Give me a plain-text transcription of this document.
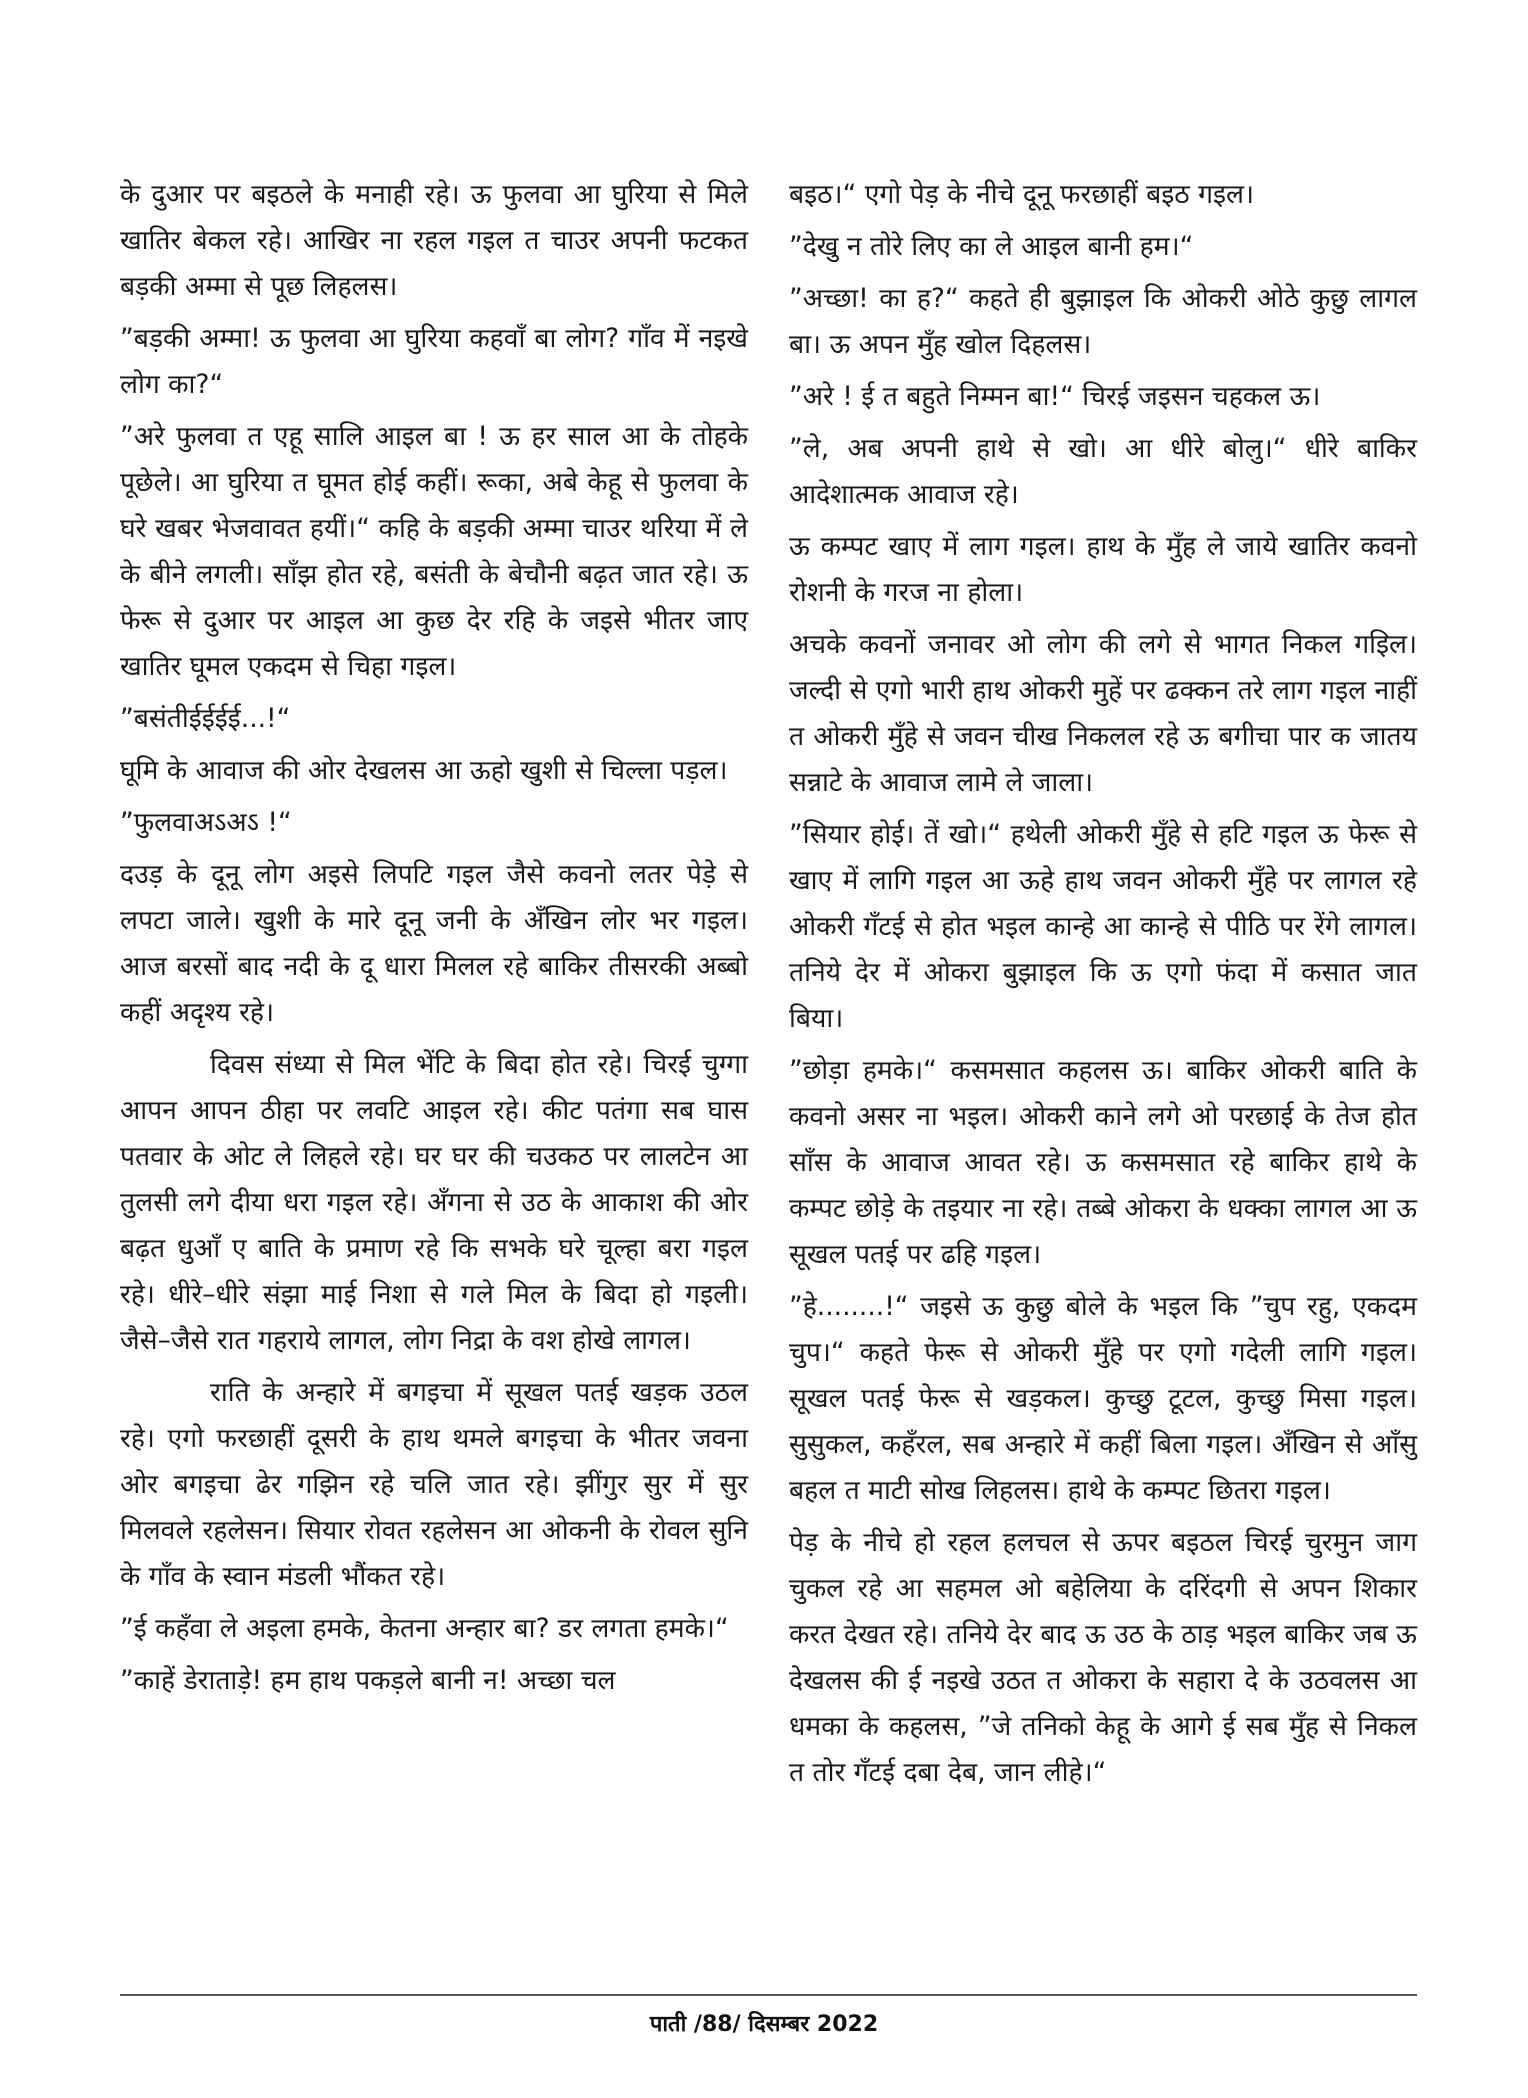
के दुआर पर बइठले के मनाही रहे। ऊ फुलवा आ घुरिया से मिले खातिर बेकल रहे। आखिर ना रहल गइल त चाउर अपनी फटकत बड़की अम्मा से पूछ लिहलस।

”बड़की अम्मा! ऊ फुलवा आ घुरिया कहवाँ बा लोग? गाँव में नइखे लोग का?“

”अरे फुलवा त एहू सालि आइल बा ! ऊ हर साल आ के तोहके पूछेले। आ घुरिया त घूमत होई कहीं। रूका, अबे केहू से फुलवा के घरे खबर भेजवावत हयीं।“ कहि के बड़की अम्मा चाउर थरिया में ले के बीने लगली। साँझ होत रहे, बसंती के बेचौनी बढ़त जात रहे। ऊ फेरू से दुआर पर आइल आ कुछ देर रहि के जइसे भीतर जाए खातिर घूमल एकदम से चिहा गइल।

”बसंतीईईईई...!“

घूमि के आवाज की ओर देखलस आ ऊहो खुशी से चिल्ला पड़ल।

”फुलवाअऽअऽ !“

दउड़ के दूनू लोग अइसे लिपटि गइल जैसे कवनो लतर पेड़े से लपटा जाले। खुशी के मारे दूनू जनी के अँखिन लोर भर गइल। आज बरसों बाद नदी के दू धारा मिलल रहे बाकिर तीसरकी अब्बो कहीं अदृश्य रहे।

दिवस संध्या से मिल भेंटि के बिदा होत रहे। चिरई चुग्गा आपन आपन ठीहा पर लवटि आइल रहे। कीट पतंगा सब घास पतवार के ओट ले लिहले रहे। घर घर की चउकठ पर लालटेन आ तुलसी लगे दीया धरा गइल रहे। अँगना से उठ के आकाश की ओर बढ़त धुआँ ए बाति के प्रमाण रहे कि सभके घरे चूल्हा बरा गइल रहे। धीरे–धीरे संझा माई निशा से गले मिल के बिदा हो गइली। जैसे–जैसे रात गहराये लागल, लोग निद्रा के वश होखे लागल।

राति के अन्हारे में बगइचा में सूखल पतई खड़क उठल रहे। एगो फरछाहीं दूसरी के हाथ थमले बगइचा के भीतर जवना ओर बगइचा ढेर गझिन रहे चलि जात रहे। झींगुर सुर में सुर मिलवले रहलेसन। सियार रोवत रहलेसन आ ओकनी के रोवल सुनि के गाँव के स्वान मंडली भौंकत रहे।

”ई कहँवा ले अइला हमके, केतना अन्हार बा? डर लगता हमके।“

”काहें डेराताड़े! हम हाथ पकड़ले बानी न! अच्छा चल

बइठ।“ एगो पेड़ के नीचे दूनू फरछाहीं बइठ गइल।

”देखु न तोरे लिए का ले आइल बानी हम।“

”अच्छा! का ह?“ कहते ही बुझाइल कि ओकरी ओठे कुछु लागल बा। ऊ अपन मुँह खोल दिहलस।

”अरे ! ई त बहुते निम्मन बा!“ चिरई जइसन चहकल ऊ।

”ले, अब अपनी हाथे से खो। आ धीरे बोलु।“ धीरे बाकिर आदेशात्मक आवाज रहे।

ऊ कम्पट खाए में लाग गइल। हाथ के मुँह ले जाये खातिर कवनो रोशनी के गरज ना होला।

अचके कवनों जनावर ओ लोग की लगे से भागत निकल गइिल। जल्दी से एगो भारी हाथ ओकरी मुहें पर ढक्कन तरे लाग गइल नाहीं त ओकरी मुँहे से जवन चीख निकलल रहे ऊ बगीचा पार क जातय सन्नाटे के आवाज लामे ले जाला।

”सियार होई। तें खो।“ हथेली ओकरी मुँहे से हटि गइल ऊ फेरू से खाए में लागि गइल आ ऊहे हाथ जवन ओकरी मुँहे पर लागल रहे ओकरी गँटई से होत भइल कान्हे आ कान्हे से पीठि पर रेंगे लागल। तनिये देर में ओकरा बुझाइल कि ऊ एगो फंदा में कसात जात बिया।

”छोड़ा हमके।“ कसमसात कहलस ऊ। बाकिर ओकरी बाति के कवनो असर ना भइल। ओकरी काने लगे ओ परछाई के तेज होत साँस के आवाज आवत रहे। ऊ कसमसात रहे बाकिर हाथे के कम्पट छोड़े के तइयार ना रहे। तब्बे ओकरा के धक्का लागल आ ऊ सूखल पतई पर ढहि गइल।

”हे........!“ जइसे ऊ कुछु बोले के भइल कि ”चुप रहु, एकदम चुप।“ कहते फेरू से ओकरी मुँहे पर एगो गदेली लागि गइल। सूखल पतई फेरू से खड़कल। कुच्छु टूटल, कुच्छु मिसा गइल। सुसुकल, कहँरल, सब अन्हारे में कहीं बिला गइल। अँखिन से आँसु बहल त माटी सोख लिहलस। हाथे के कम्पट छितरा गइल।

पेड़ के नीचे हो रहल हलचल से ऊपर बइठल चिरई चुरमुन जाग चुकल रहे आ सहमल ओ बहेलिया के दरिंदगी से अपन शिकार करत देखत रहे। तनिये देर बाद ऊ उठ के ठाड़ भइल बाकिर जब ऊ देखलस की ई नइखे उठत त ओकरा के सहारा दे के उठवलस आ धमका के कहलस, ”जे तनिको केहू के आगे ई सब मुँह से निकल त तोर गँटई दबा देब, जान लीहे।“

पाती /88/ दिसम्बर 2022
